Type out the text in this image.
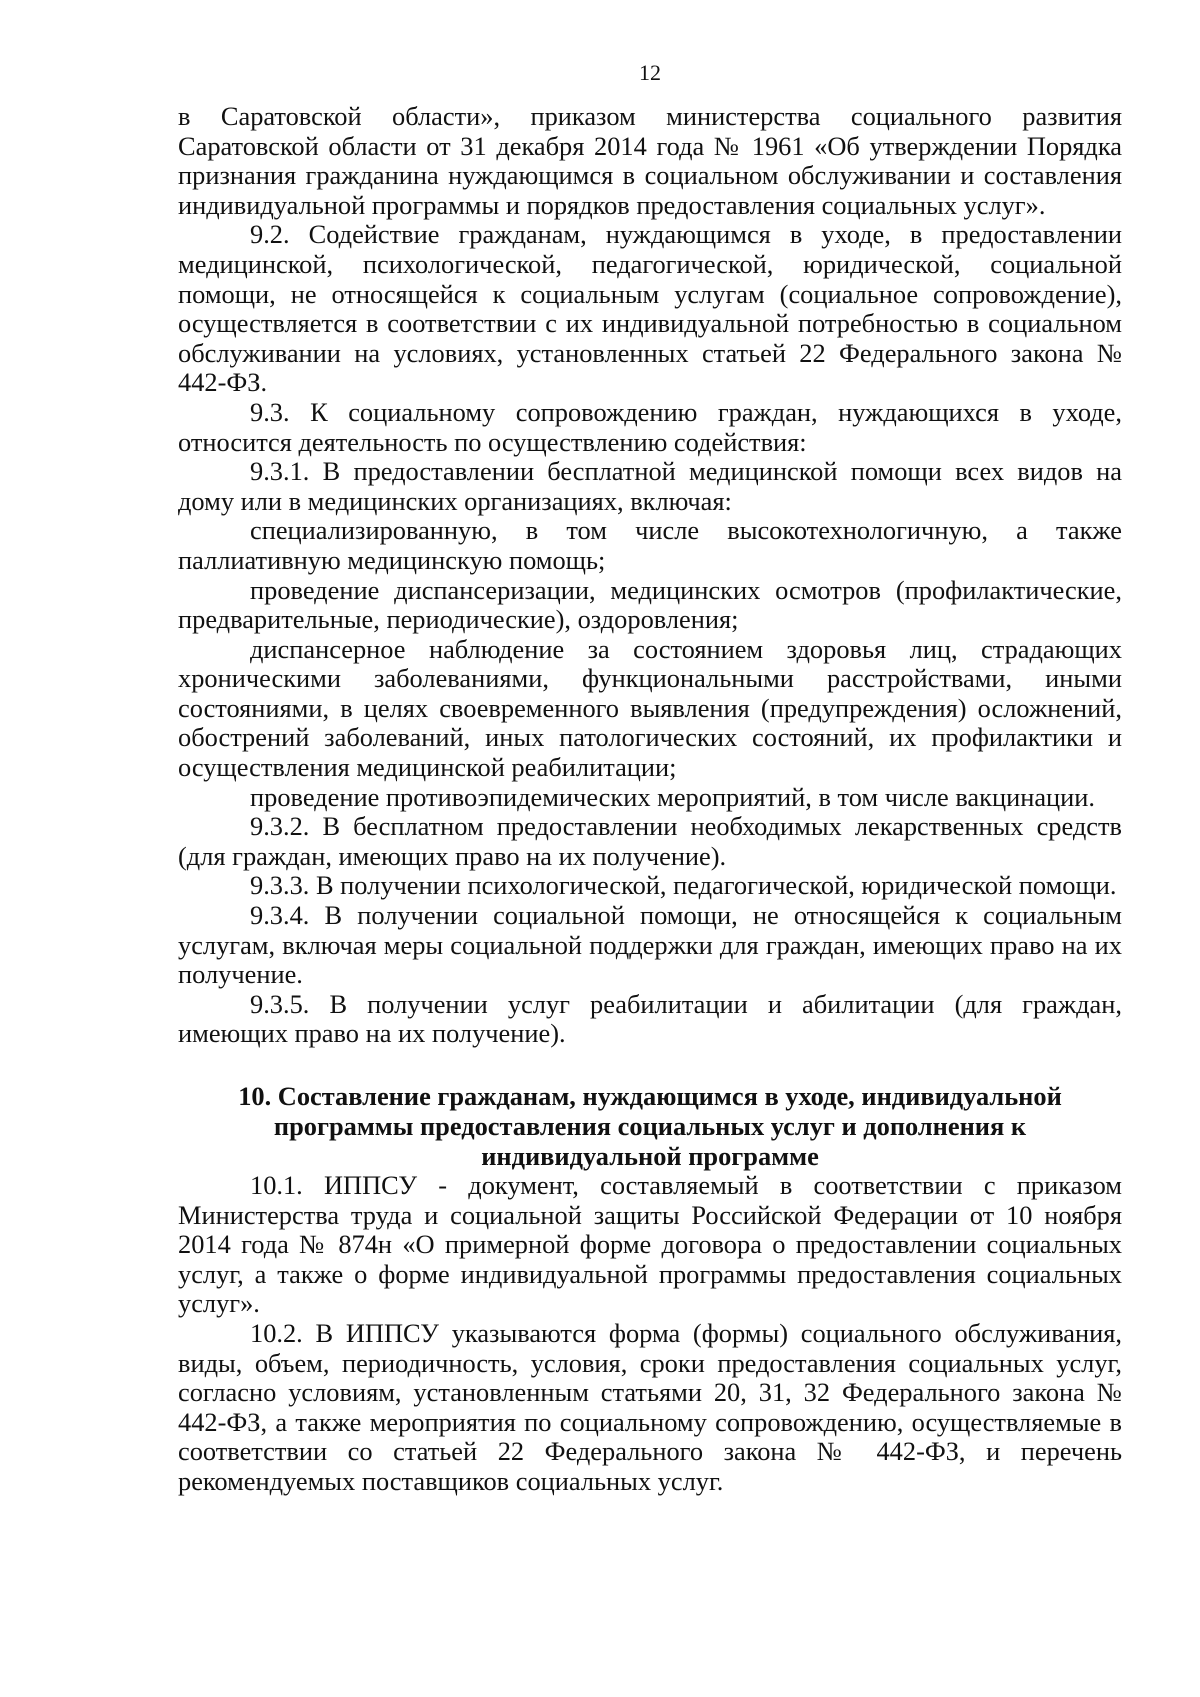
12

в Саратовской области», приказом министерства социального развития Саратовской области от 31 декабря 2014 года № 1961 «Об утверждении Порядка признания гражданина нуждающимся в социальном обслуживании и составления индивидуальной программы и порядков предоставления социальных услуг».

9.2. Содействие гражданам, нуждающимся в уходе, в предоставлении медицинской, психологической, педагогической, юридической, социальной помощи, не относящейся к социальным услугам (социальное сопровождение), осуществляется в соответствии с их индивидуальной потребностью в социальном обслуживании на условиях, установленных статьей 22 Федерального закона № 442-ФЗ.

9.3. К социальному сопровождению граждан, нуждающихся в уходе, относится деятельность по осуществлению содействия:

9.3.1. В предоставлении бесплатной медицинской помощи всех видов на дому или в медицинских организациях, включая:

специализированную, в том числе высокотехнологичную, а также паллиативную медицинскую помощь;

проведение диспансеризации, медицинских осмотров (профилактические, предварительные, периодические), оздоровления;

диспансерное наблюдение за состоянием здоровья лиц, страдающих хроническими заболеваниями, функциональными расстройствами, иными состояниями, в целях своевременного выявления (предупреждения) осложнений, обострений заболеваний, иных патологических состояний, их профилактики и осуществления медицинской реабилитации;

проведение противоэпидемических мероприятий, в том числе вакцинации.

9.3.2. В бесплатном предоставлении необходимых лекарственных средств (для граждан, имеющих право на их получение).

9.3.3. В получении психологической, педагогической, юридической помощи.

9.3.4. В получении социальной помощи, не относящейся к социальным услугам, включая меры социальной поддержки для граждан, имеющих право на их получение.

9.3.5. В получении услуг реабилитации и абилитации (для граждан, имеющих право на их получение).

10. Составление гражданам, нуждающимся в уходе, индивидуальной программы предоставления социальных услуг и дополнения к индивидуальной программе

10.1. ИППСУ - документ, составляемый в соответствии с приказом Министерства труда и социальной защиты Российской Федерации от 10 ноября 2014 года № 874н «О примерной форме договора о предоставлении социальных услуг, а также о форме индивидуальной программы предоставления социальных услуг».

10.2. В ИППСУ указываются форма (формы) социального обслуживания, виды, объем, периодичность, условия, сроки предоставления социальных услуг, согласно условиям, установленным статьями 20, 31, 32 Федерального закона № 442-ФЗ, а также мероприятия по социальному сопровождению, осуществляемые в соответствии со статьей 22 Федерального закона № 442-ФЗ, и перечень рекомендуемых поставщиков социальных услуг.
